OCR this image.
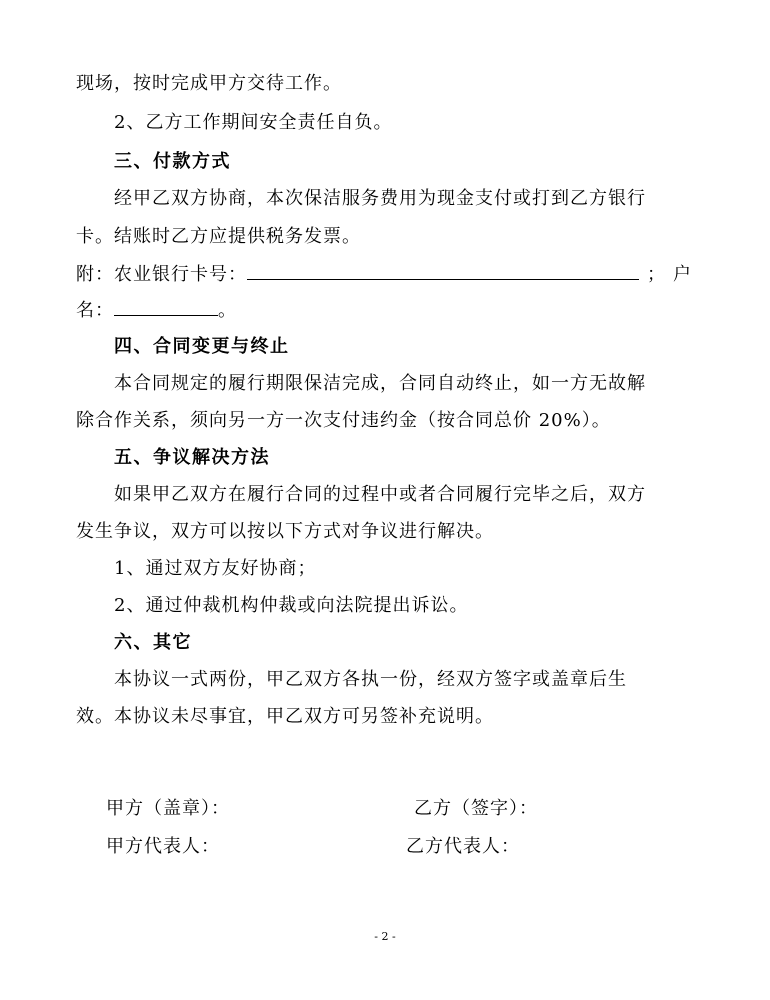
现场，按时完成甲方交待工作。
2、乙方工作期间安全责任自负。
三、付款方式
经甲乙双方协商，本次保洁服务费用为现金支付或打到乙方银行
卡。结账时乙方应提供税务发票。
附：农业银行卡号：	；户
名：	。
四、合同变更与终止
本合同规定的履行期限保洁完成，合同自动终止，如一方无故解
除合作关系，须向另一方一次支付违约金（按合同总价 20%）。
五、争议解决方法
如果甲乙双方在履行合同的过程中或者合同履行完毕之后，双方
发生争议，双方可以按以下方式对争议进行解决。
1、通过双方友好协商；
2、通过仲裁机构仲裁或向法院提出诉讼。
六、其它
本协议一式两份，甲乙双方各执一份，经双方签字或盖章后生
效。本协议未尽事宜，甲乙双方可另签补充说明。
甲方（盖章）：	乙方（签字）：
甲方代表人：	乙方代表人：
- 2 -
